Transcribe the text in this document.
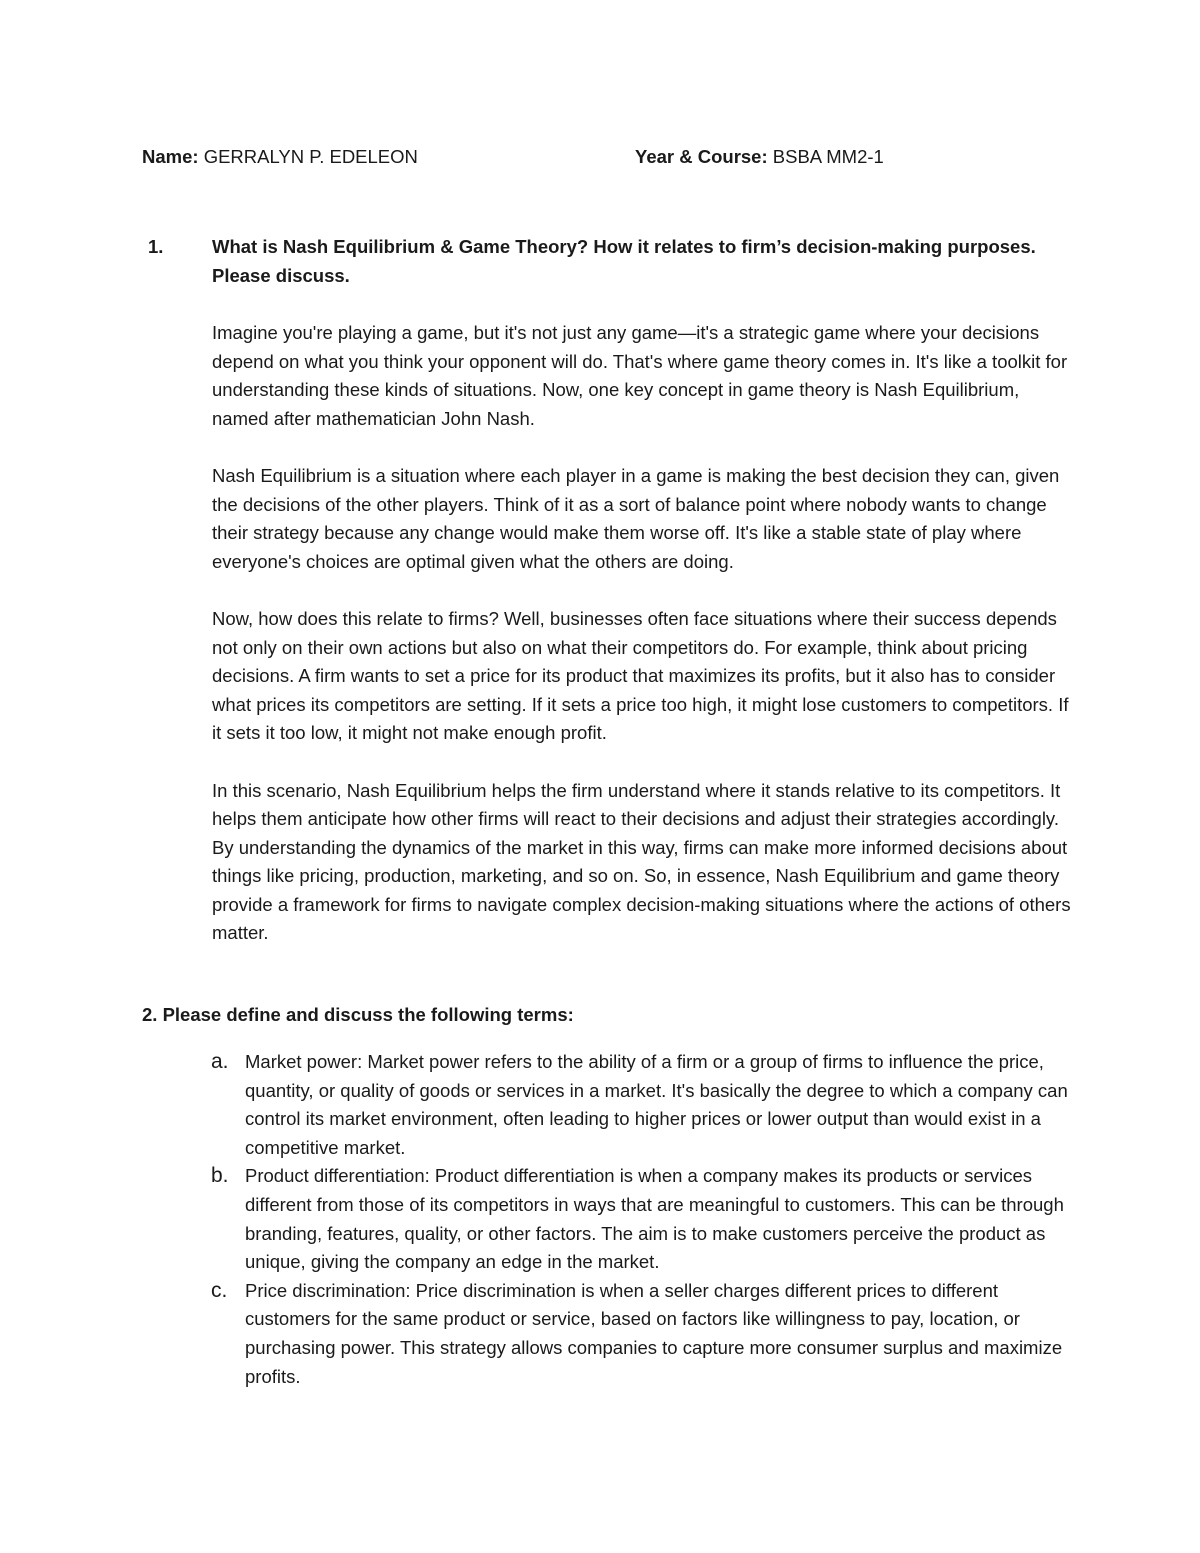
Name: GERRALYN P. EDELEON	Year & Course: BSBA MM2-1
1.	What is Nash Equilibrium & Game Theory? How it relates to firm’s decision-making purposes.
Please discuss.

Imagine you're playing a game, but it's not just any game—it's a strategic game where your decisions depend on what you think your opponent will do. That's where game theory comes in. It's like a toolkit for understanding these kinds of situations. Now, one key concept in game theory is Nash Equilibrium, named after mathematician John Nash.

Nash Equilibrium is a situation where each player in a game is making the best decision they can, given the decisions of the other players. Think of it as a sort of balance point where nobody wants to change their strategy because any change would make them worse off. It's like a stable state of play where everyone's choices are optimal given what the others are doing.

Now, how does this relate to firms? Well, businesses often face situations where their success depends not only on their own actions but also on what their competitors do. For example, think about pricing decisions. A firm wants to set a price for its product that maximizes its profits, but it also has to consider what prices its competitors are setting. If it sets a price too high, it might lose customers to competitors. If it sets it too low, it might not make enough profit.

In this scenario, Nash Equilibrium helps the firm understand where it stands relative to its competitors. It helps them anticipate how other firms will react to their decisions and adjust their strategies accordingly. By understanding the dynamics of the market in this way, firms can make more informed decisions about things like pricing, production, marketing, and so on. So, in essence, Nash Equilibrium and game theory provide a framework for firms to navigate complex decision-making situations where the actions of others matter.

2. Please define and discuss the following terms:
a. Market power: Market power refers to the ability of a firm or a group of firms to influence the price, quantity, or quality of goods or services in a market. It's basically the degree to which a company can control its market environment, often leading to higher prices or lower output than would exist in a competitive market.
b. Product differentiation: Product differentiation is when a company makes its products or services different from those of its competitors in ways that are meaningful to customers. This can be through branding, features, quality, or other factors. The aim is to make customers perceive the product as unique, giving the company an edge in the market.
c. Price discrimination: Price discrimination is when a seller charges different prices to different customers for the same product or service, based on factors like willingness to pay, location, or purchasing power. This strategy allows companies to capture more consumer surplus and maximize profits.
